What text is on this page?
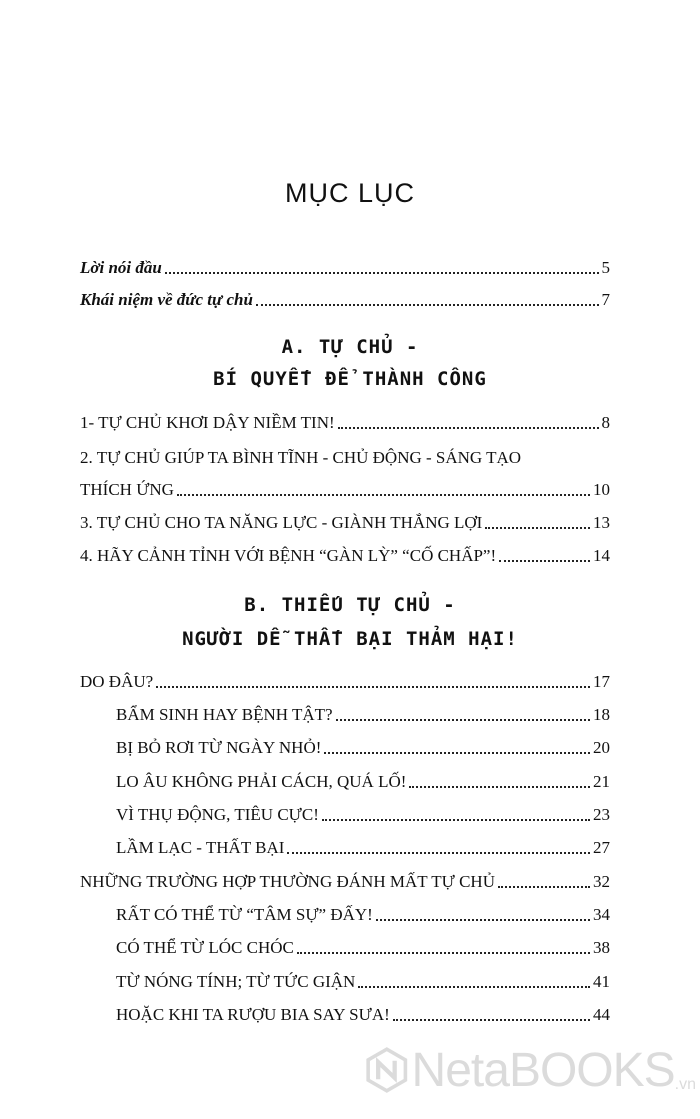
MỤC LỤC
Lời nói đầu	5
Khái niệm về đức tự chủ	7
A. TỰ CHỦ -
BÍ QUYẾT ĐỂ THÀNH CÔNG
1- TỰ CHỦ KHƠI DẬY NIỀM TIN!	8
2. TỰ CHỦ GIÚP TA BÌNH TĨNH - CHỦ ĐỘNG - SÁNG TẠO
THÍCH ỨNG	10
3. TỰ CHỦ CHO TA NĂNG LỰC - GIÀNH THẮNG LỢI	13
4. HÃY CẢNH TỈNH VỚI BỆNH “GÀN LỲ” “CỐ CHẤP”!	14
B. THIẾU TỰ CHỦ -
NGƯỜI DỄ THẤT BẠI THẢM HẠI!
DO ĐÂU?	17
BẨM SINH HAY BỆNH TẬT?	18
BỊ BỎ RƠI TỪ NGÀY NHỎ!	20
LO ÂU KHÔNG PHẢI CÁCH, QUÁ LỐ!	21
VÌ THỤ ĐỘNG, TIÊU CỰC!	23
LẦM LẠC - THẤT BẠI	27
NHỮNG TRƯỜNG HỢP THƯỜNG ĐÁNH MẤT TỰ CHỦ	32
RẤT CÓ THỂ TỪ “TÂM SỰ” ĐẤY!	34
CÓ THỂ TỪ LÓC CHÓC	38
TỪ NÓNG TÍNH; TỪ TỨC GIẬN	41
HOẶC KHI TA RƯỢU BIA SAY SƯA!	44
NetaBOOKS .vn
